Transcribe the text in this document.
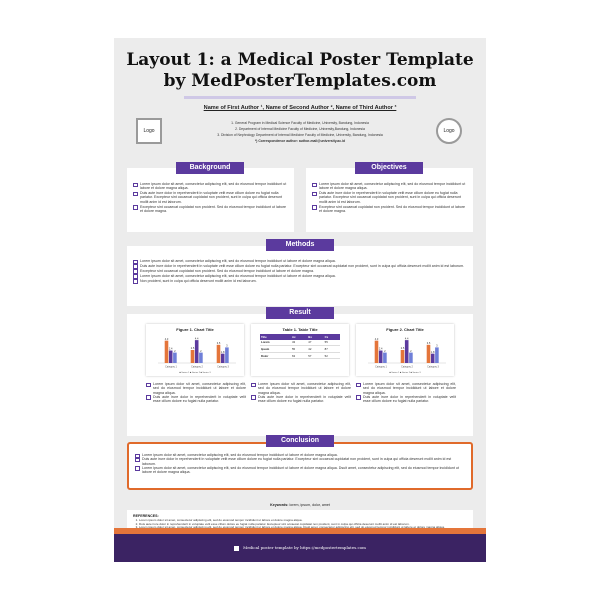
Layout 1: a Medical Poster Template
by MedPosterTemplates.com
Name of First Author ¹, Name of Second Author ², Name of Third Author ³
1. General Program in Medical Science Faculty of Medicine, University, Bandung, Indonesia
2. Department of Internal Medicine Faculty of Medicine, University,Bandung, Indonesia
3. Division of Nephrology Department of Internal Medicine Faculty of Medicine, University, Bandung, Indonesia
*) Correspondence author: author-mail@university.ac.id
Logo	Logo
Lorem ipsum dolor sit amet, consectetur adipiscing elit, sed do eiusmod tempor incididunt ut labore et dolore magna aliqua.
Duis aute irure dolor in reprehenderit in voluptate velit esse cillum dolore eu fugiat nulla pariatur. Excepteur sint occaecat cupidatat non proident, sunt in culpa qui officia deserunt mollit anim id est laborum.
Excepteur sint occaecat cupidatat non proident. Sed do eiusmod tempor incididunt ut labore et dolore magna.
Background
Lorem ipsum dolor sit amet, consectetur adipiscing elit, sed do eiusmod tempor incididunt ut labore et dolore magna aliqua.
Duis aute irure dolor in reprehenderit in voluptate velit esse cillum dolore eu fugiat nulla pariatur. Excepteur sint occaecat cupidatat non proident, sunt in culpa qui officia deserunt mollit anim id est laborum.
Excepteur sint occaecat cupidatat non proident. Sed do eiusmod tempor incididunt ut labore et dolore magna.
Objectives
Lorem ipsum dolor sit amet, consectetur adipiscing elit, sed do eiusmod tempor incididunt ut labore et dolore magna aliqua.
Duis aute irure dolor in reprehenderit in voluptate velit esse cillum dolore eu fugiat nulla pariatur. Excepteur sint occaecat cupidatat non proident, sunt in culpa qui officia deserunt mollit anim id est laborum.
Excepteur sint occaecat cupidatat non proident. Sed do eiusmod tempor incididunt ut labore et dolore magna.
Lorem ipsum dolor sit amet, consectetur adipiscing elit, sed do eiusmod tempor incididunt ut labore et dolore magna aliqua.
Non proident, sunt in culpa qui officia deserunt mollit anim id est laborum.
Methods
Figure 1. Chart Title
4.3
2.4
2
Category 1
2.5
4.4
2
Category 2
3.5
1.8
3
Category 3
■ Series 1 ■ Series 2 ■ Series 3
Table 1. Table Title
Title	Ax	Bx	Cx
Lorem	43	47	55
Ipsum	55	42	87
Dolor	63	57	52
Figure 2. Chart Title
4.3
2.4
2
Category 1
2.5
4.4
2
Category 2
3.5
1.8
3
Category 3
■ Series 1 ■ Series 2 ■ Series 3
Lorem ipsum dolor sit amet, consectetur adipiscing elit, sed do eiusmod tempor incididunt ut labore et dolore magna aliqua.
Duis aute irure dolor in reprehenderit in voluptate velit esse cillum dolore eu fugiat nulla pariatur.
Lorem ipsum dolor sit amet, consectetur adipiscing elit, sed do eiusmod tempor incididunt ut labore et dolore magna aliqua.
Duis aute irure dolor in reprehenderit in voluptate velit esse cillum dolore eu fugiat nulla pariatur.
Lorem ipsum dolor sit amet, consectetur adipiscing elit, sed do eiusmod tempor incididunt ut labore et dolore magna aliqua.
Duis aute irure dolor in reprehenderit in voluptate velit esse cillum dolore eu fugiat nulla pariatur.
Result
Lorem ipsum dolor sit amet, consectetur adipiscing elit, sed do eiusmod tempor incididunt ut labore et dolore magna aliqua.
Duis aute irure dolor in reprehenderit in voluptate velit esse cillum dolore eu fugiat nulla pariatur. Excepteur sint occaecat cupidatat non proident, sunt in culpa qui officia deserunt mollit anim id est laborum.
Lorem ipsum dolor sit amet, consectetur adipiscing elit, sed do eiusmod tempor incididunt ut labore et dolore magna aliqua. Dsuit amet, consectetur adipiscing elit, sed do eiusmod tempor incididunt ut labore et dolore magna aliqua.
Conclusion
Keywords: lorem, ipsum, dolor, amet
REFERENCES:
1. Lorem ipsum dolor sit amet, consectetur adipiscing elit, sed do eiusmod tempor incididunt ut labore et dolore magna aliqua.
2. Duis aute irure dolor in reprehenderit in voluptate velit esse cillum dolore eu fugiat nulla pariatur. Excepteur sint occaecat cupidatat non proident, sunt in culpa qui officia deserunt mollit anim id est laborum.
3.
4.
5.
Medical poster template by https://medpostertemplates.com
